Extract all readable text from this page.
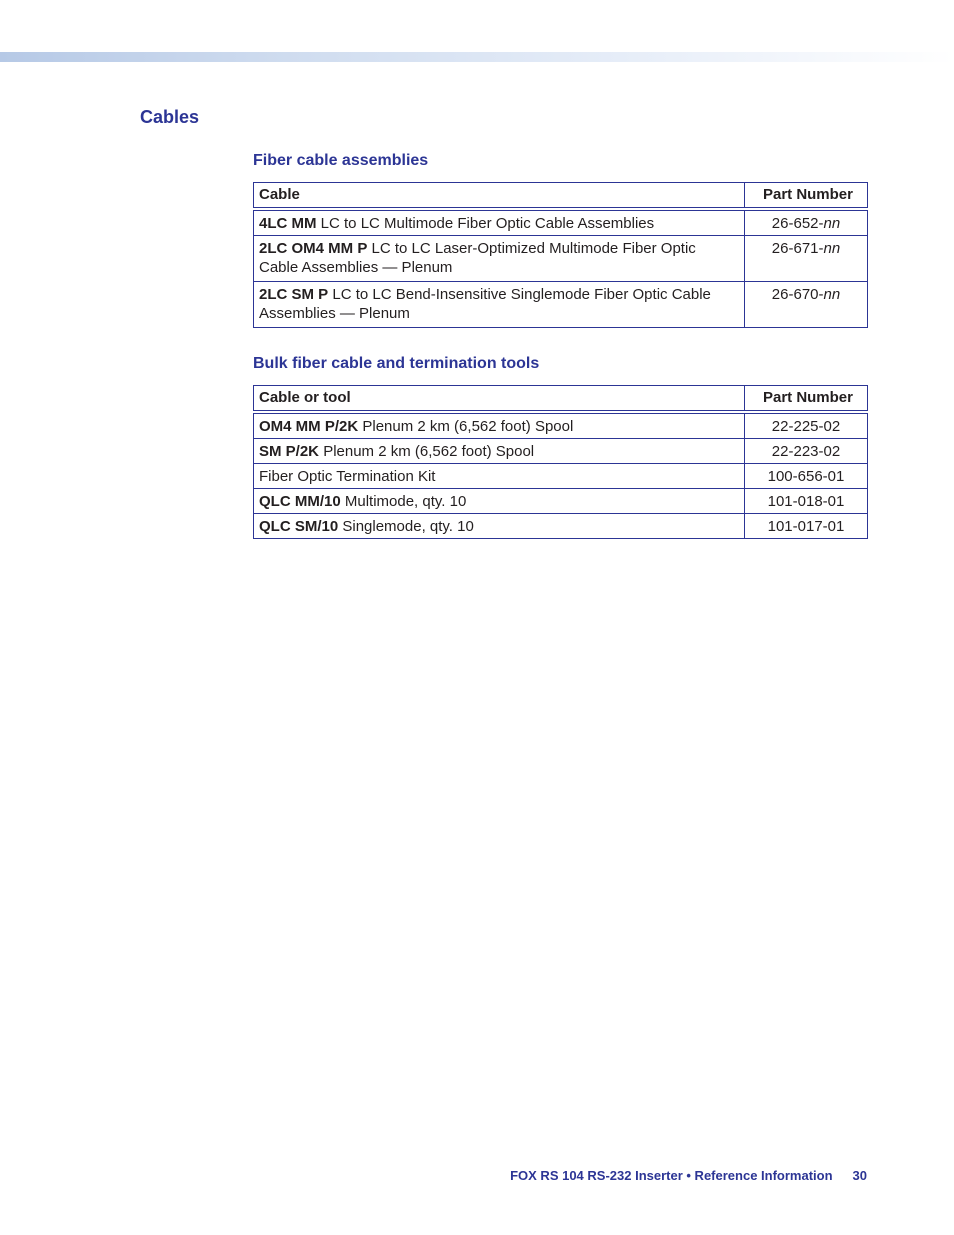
Cables
Fiber cable assemblies
Cable	Part Number
4LC MM LC to LC Multimode Fiber Optic Cable Assemblies	26-652-nn
2LC OM4 MM P LC to LC Laser-Optimized Multimode Fiber Optic Cable Assemblies — Plenum	26-671-nn
2LC SM P LC to LC Bend-Insensitive Singlemode Fiber Optic Cable Assemblies — Plenum	26-670-nn
Bulk fiber cable and termination tools
Cable or tool	Part Number
OM4 MM P/2K Plenum 2 km (6,562 foot) Spool	22-225-02
SM P/2K Plenum 2 km (6,562 foot) Spool	22-223-02
Fiber Optic Termination Kit	100-656-01
QLC MM/10 Multimode, qty. 10	101-018-01
QLC SM/10 Singlemode, qty. 10	101-017-01
FOX RS 104 RS-232 Inserter • Reference Information 30
